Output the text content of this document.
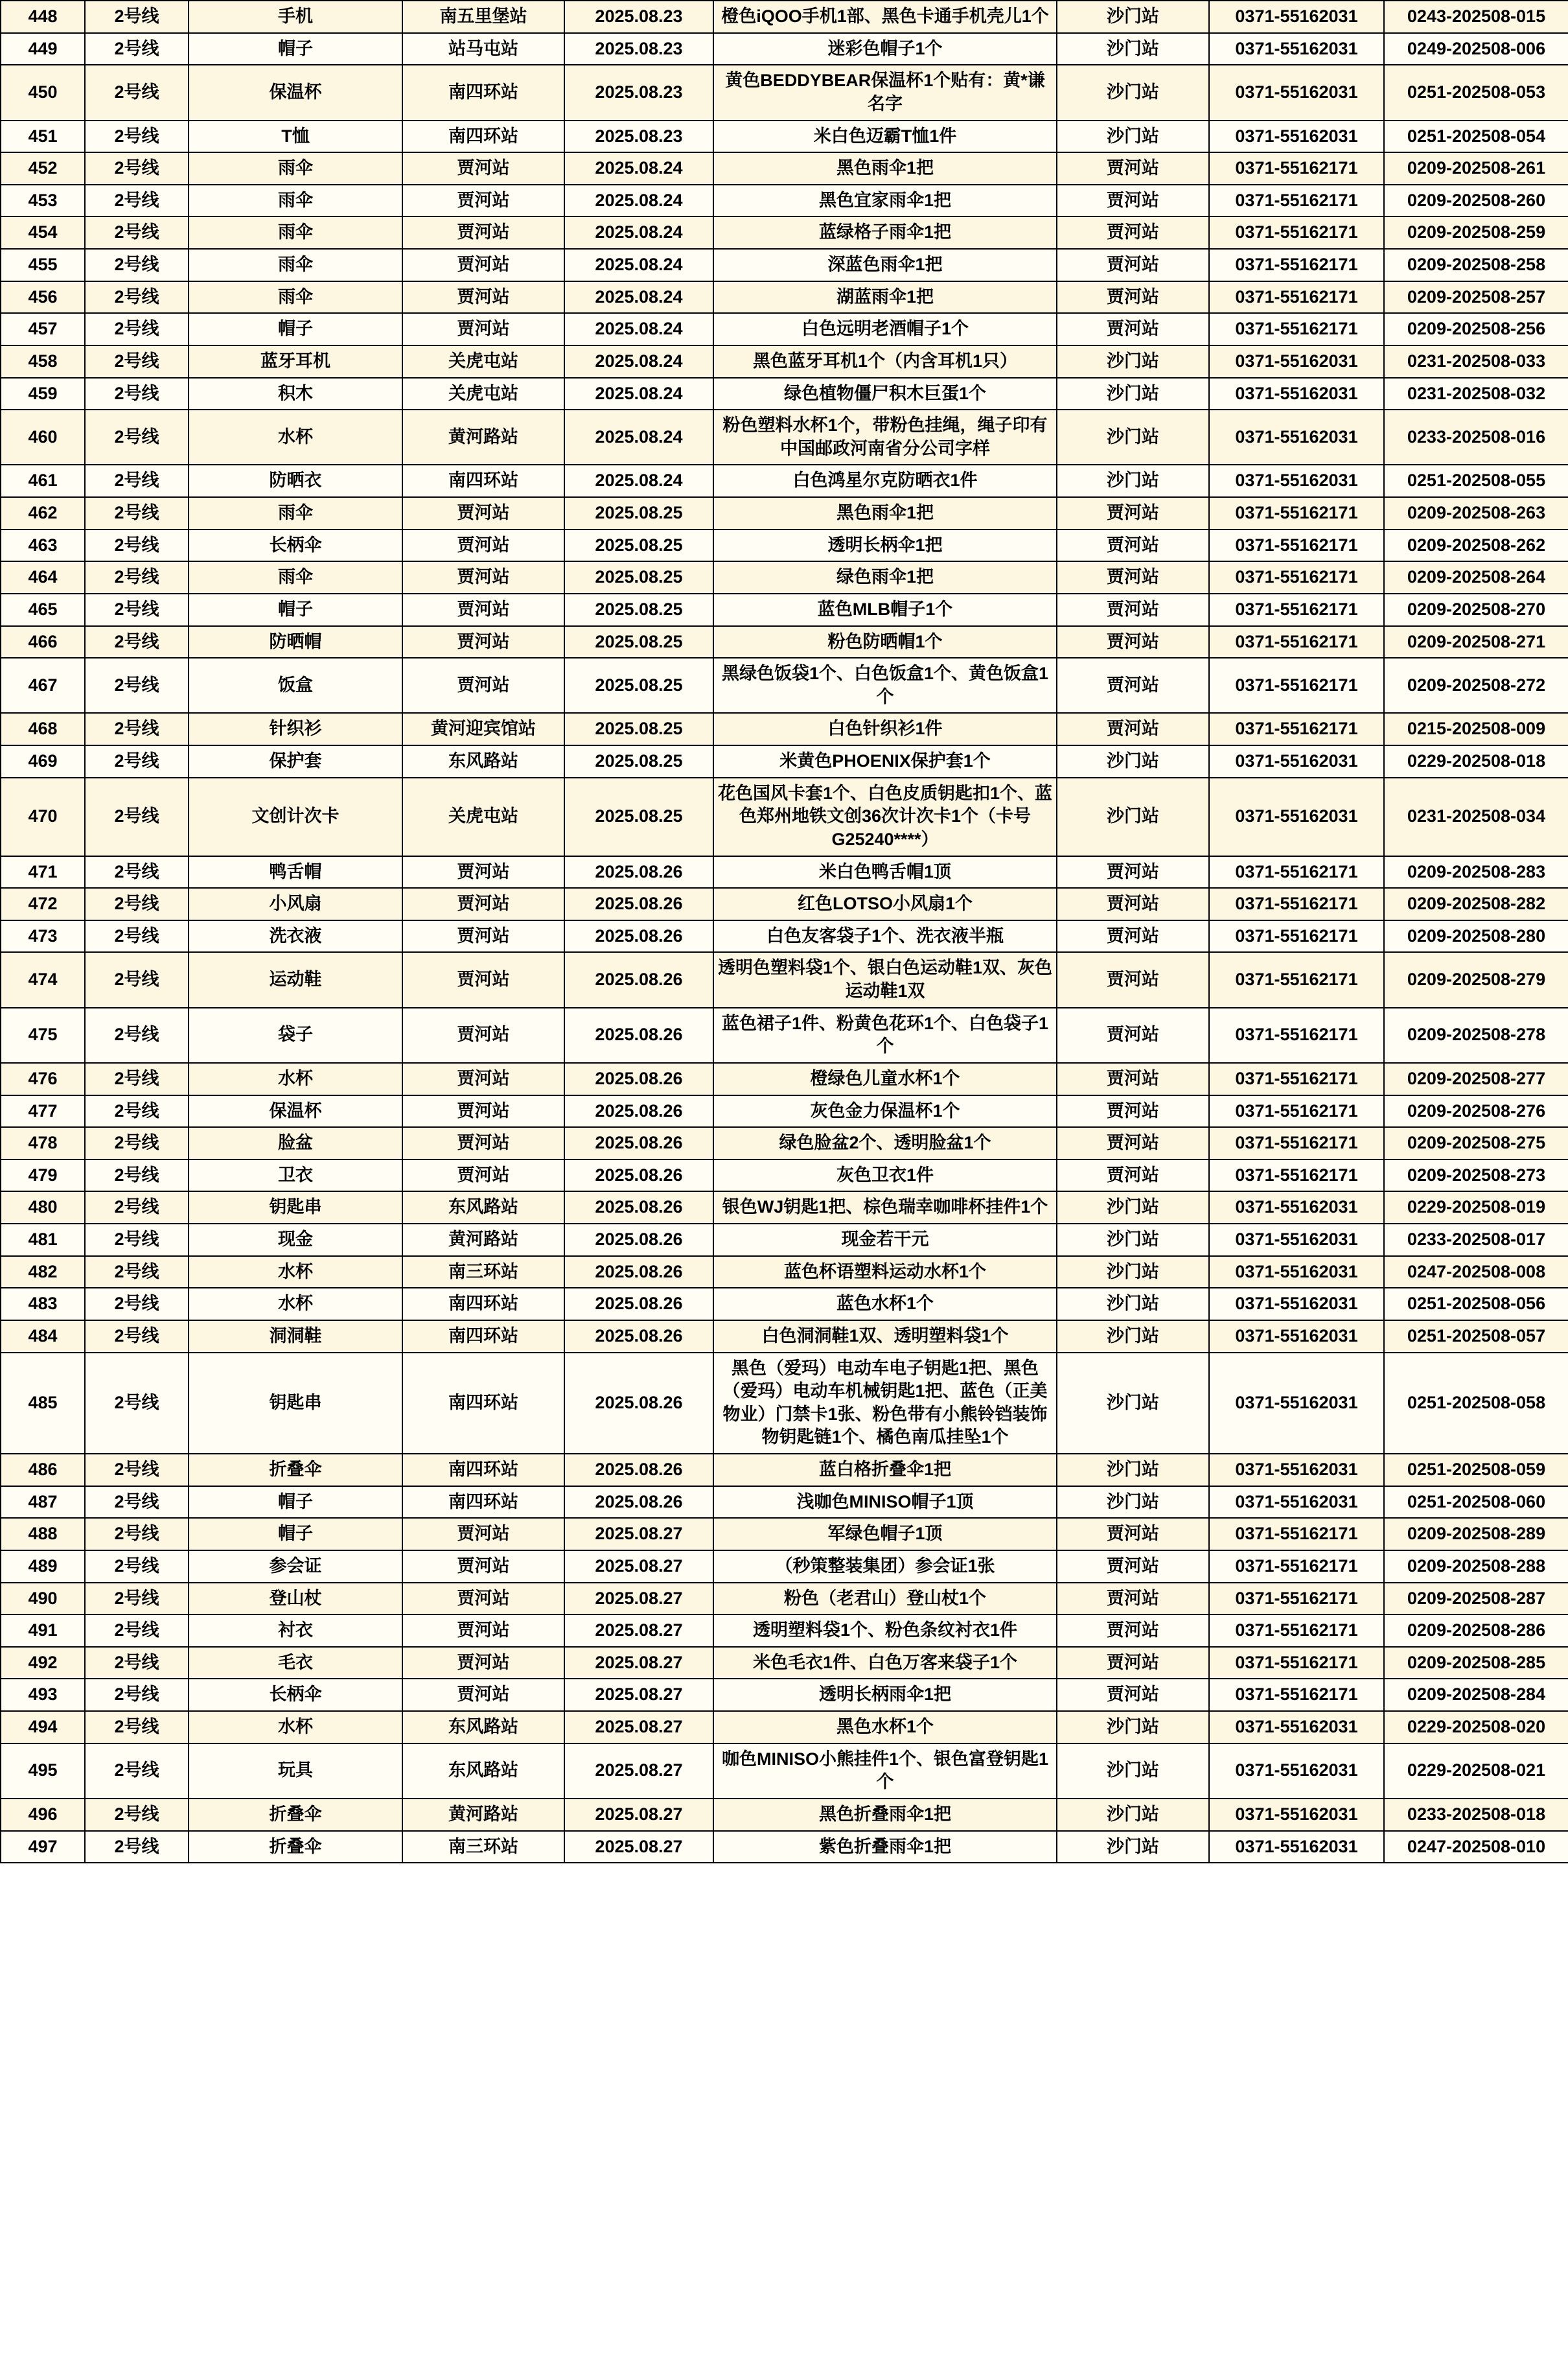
448	2号线	手机	南五里堡站	2025.08.23	橙色iQOO手机1部、黑色卡通手机壳儿1个	沙门站	0371-55162031	0243-202508-015
449	2号线	帽子	站马屯站	2025.08.23	迷彩色帽子1个	沙门站	0371-55162031	0249-202508-006
450	2号线	保温杯	南四环站	2025.08.23	黄色BEDDYBEAR保温杯1个贴有：黄*谦名字	沙门站	0371-55162031	0251-202508-053
451	2号线	T恤	南四环站	2025.08.23	米白色迈霸T恤1件	沙门站	0371-55162031	0251-202508-054
452	2号线	雨伞	贾河站	2025.08.24	黑色雨伞1把	贾河站	0371-55162171	0209-202508-261
453	2号线	雨伞	贾河站	2025.08.24	黑色宜家雨伞1把	贾河站	0371-55162171	0209-202508-260
454	2号线	雨伞	贾河站	2025.08.24	蓝绿格子雨伞1把	贾河站	0371-55162171	0209-202508-259
455	2号线	雨伞	贾河站	2025.08.24	深蓝色雨伞1把	贾河站	0371-55162171	0209-202508-258
456	2号线	雨伞	贾河站	2025.08.24	湖蓝雨伞1把	贾河站	0371-55162171	0209-202508-257
457	2号线	帽子	贾河站	2025.08.24	白色远明老酒帽子1个	贾河站	0371-55162171	0209-202508-256
458	2号线	蓝牙耳机	关虎屯站	2025.08.24	黑色蓝牙耳机1个（内含耳机1只）	沙门站	0371-55162031	0231-202508-033
459	2号线	积木	关虎屯站	2025.08.24	绿色植物僵尸积木巨蛋1个	沙门站	0371-55162031	0231-202508-032
460	2号线	水杯	黄河路站	2025.08.24	粉色塑料水杯1个，带粉色挂绳，绳子印有中国邮政河南省分公司字样	沙门站	0371-55162031	0233-202508-016
461	2号线	防晒衣	南四环站	2025.08.24	白色鸿星尔克防晒衣1件	沙门站	0371-55162031	0251-202508-055
462	2号线	雨伞	贾河站	2025.08.25	黑色雨伞1把	贾河站	0371-55162171	0209-202508-263
463	2号线	长柄伞	贾河站	2025.08.25	透明长柄伞1把	贾河站	0371-55162171	0209-202508-262
464	2号线	雨伞	贾河站	2025.08.25	绿色雨伞1把	贾河站	0371-55162171	0209-202508-264
465	2号线	帽子	贾河站	2025.08.25	蓝色MLB帽子1个	贾河站	0371-55162171	0209-202508-270
466	2号线	防晒帽	贾河站	2025.08.25	粉色防晒帽1个	贾河站	0371-55162171	0209-202508-271
467	2号线	饭盒	贾河站	2025.08.25	黑绿色饭袋1个、白色饭盒1个、黄色饭盒1个	贾河站	0371-55162171	0209-202508-272
468	2号线	针织衫	黄河迎宾馆站	2025.08.25	白色针织衫1件	贾河站	0371-55162171	0215-202508-009
469	2号线	保护套	东风路站	2025.08.25	米黄色PHOENIX保护套1个	沙门站	0371-55162031	0229-202508-018
470	2号线	文创计次卡	关虎屯站	2025.08.25	花色国风卡套1个、白色皮质钥匙扣1个、蓝色郑州地铁文创36次计次卡1个（卡号G25240****）	沙门站	0371-55162031	0231-202508-034
471	2号线	鸭舌帽	贾河站	2025.08.26	米白色鸭舌帽1顶	贾河站	0371-55162171	0209-202508-283
472	2号线	小风扇	贾河站	2025.08.26	红色LOTSO小风扇1个	贾河站	0371-55162171	0209-202508-282
473	2号线	洗衣液	贾河站	2025.08.26	白色友客袋子1个、洗衣液半瓶	贾河站	0371-55162171	0209-202508-280
474	2号线	运动鞋	贾河站	2025.08.26	透明色塑料袋1个、银白色运动鞋1双、灰色运动鞋1双	贾河站	0371-55162171	0209-202508-279
475	2号线	袋子	贾河站	2025.08.26	蓝色裙子1件、粉黄色花环1个、白色袋子1个	贾河站	0371-55162171	0209-202508-278
476	2号线	水杯	贾河站	2025.08.26	橙绿色儿童水杯1个	贾河站	0371-55162171	0209-202508-277
477	2号线	保温杯	贾河站	2025.08.26	灰色金力保温杯1个	贾河站	0371-55162171	0209-202508-276
478	2号线	脸盆	贾河站	2025.08.26	绿色脸盆2个、透明脸盆1个	贾河站	0371-55162171	0209-202508-275
479	2号线	卫衣	贾河站	2025.08.26	灰色卫衣1件	贾河站	0371-55162171	0209-202508-273
480	2号线	钥匙串	东风路站	2025.08.26	银色WJ钥匙1把、棕色瑞幸咖啡杯挂件1个	沙门站	0371-55162031	0229-202508-019
481	2号线	现金	黄河路站	2025.08.26	现金若干元	沙门站	0371-55162031	0233-202508-017
482	2号线	水杯	南三环站	2025.08.26	蓝色杯语塑料运动水杯1个	沙门站	0371-55162031	0247-202508-008
483	2号线	水杯	南四环站	2025.08.26	蓝色水杯1个	沙门站	0371-55162031	0251-202508-056
484	2号线	洞洞鞋	南四环站	2025.08.26	白色洞洞鞋1双、透明塑料袋1个	沙门站	0371-55162031	0251-202508-057
485	2号线	钥匙串	南四环站	2025.08.26	黑色（爱玛）电动车电子钥匙1把、黑色（爱玛）电动车机械钥匙1把、蓝色（正美物业）门禁卡1张、粉色带有小熊铃铛装饰物钥匙链1个、橘色南瓜挂坠1个	沙门站	0371-55162031	0251-202508-058
486	2号线	折叠伞	南四环站	2025.08.26	蓝白格折叠伞1把	沙门站	0371-55162031	0251-202508-059
487	2号线	帽子	南四环站	2025.08.26	浅咖色MINISO帽子1顶	沙门站	0371-55162031	0251-202508-060
488	2号线	帽子	贾河站	2025.08.27	军绿色帽子1顶	贾河站	0371-55162171	0209-202508-289
489	2号线	参会证	贾河站	2025.08.27	（秒策整装集团）参会证1张	贾河站	0371-55162171	0209-202508-288
490	2号线	登山杖	贾河站	2025.08.27	粉色（老君山）登山杖1个	贾河站	0371-55162171	0209-202508-287
491	2号线	衬衣	贾河站	2025.08.27	透明塑料袋1个、粉色条纹衬衣1件	贾河站	0371-55162171	0209-202508-286
492	2号线	毛衣	贾河站	2025.08.27	米色毛衣1件、白色万客来袋子1个	贾河站	0371-55162171	0209-202508-285
493	2号线	长柄伞	贾河站	2025.08.27	透明长柄雨伞1把	贾河站	0371-55162171	0209-202508-284
494	2号线	水杯	东风路站	2025.08.27	黑色水杯1个	沙门站	0371-55162031	0229-202508-020
495	2号线	玩具	东风路站	2025.08.27	咖色MINISO小熊挂件1个、银色富登钥匙1个	沙门站	0371-55162031	0229-202508-021
496	2号线	折叠伞	黄河路站	2025.08.27	黑色折叠雨伞1把	沙门站	0371-55162031	0233-202508-018
497	2号线	折叠伞	南三环站	2025.08.27	紫色折叠雨伞1把	沙门站	0371-55162031	0247-202508-010
